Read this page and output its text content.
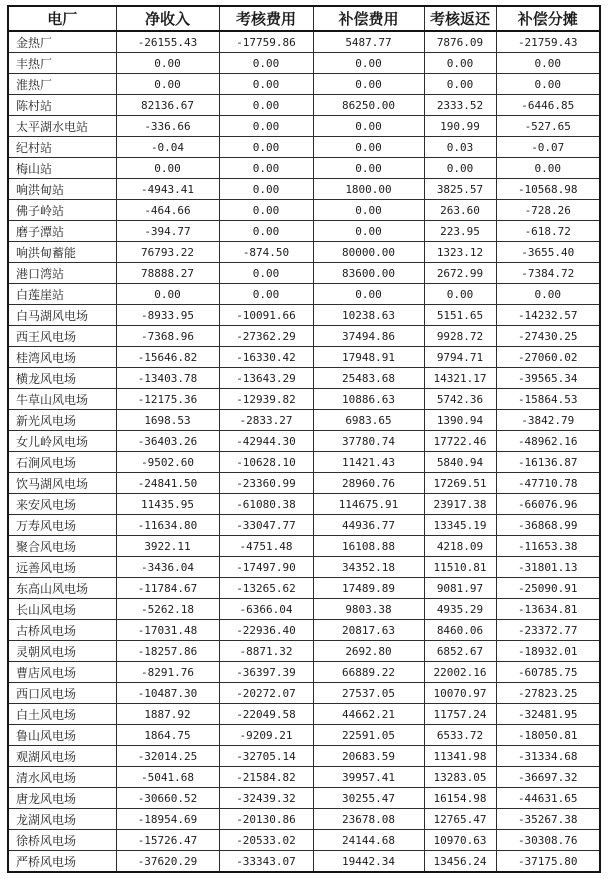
电厂	净收入	考核费用	补偿费用	考核返还	补偿分摊
金热厂	-26155.43	-17759.86	5487.77	7876.09	-21759.43
丰热厂	0.00	0.00	0.00	0.00	0.00
淮热厂	0.00	0.00	0.00	0.00	0.00
陈村站	82136.67	0.00	86250.00	2333.52	-6446.85
太平湖水电站	-336.66	0.00	0.00	190.99	-527.65
纪村站	-0.04	0.00	0.00	0.03	-0.07
梅山站	0.00	0.00	0.00	0.00	0.00
响洪甸站	-4943.41	0.00	1800.00	3825.57	-10568.98
佛子岭站	-464.66	0.00	0.00	263.60	-728.26
磨子潭站	-394.77	0.00	0.00	223.95	-618.72
响洪甸蓄能	76793.22	-874.50	80000.00	1323.12	-3655.40
港口湾站	78888.27	0.00	83600.00	2672.99	-7384.72
白莲崖站	0.00	0.00	0.00	0.00	0.00
白马湖风电场	-8933.95	-10091.66	10238.63	5151.65	-14232.57
西王风电场	-7368.96	-27362.29	37494.86	9928.72	-27430.25
桂湾风电场	-15646.82	-16330.42	17948.91	9794.71	-27060.02
横龙风电场	-13403.78	-13643.29	25483.68	14321.17	-39565.34
牛草山风电场	-12175.36	-12939.82	10886.63	5742.36	-15864.53
新光风电场	1698.53	-2833.27	6983.65	1390.94	-3842.79
女儿岭风电场	-36403.26	-42944.30	37780.74	17722.46	-48962.16
石涧风电场	-9502.60	-10628.10	11421.43	5840.94	-16136.87
饮马湖风电场	-24841.50	-23360.99	28960.76	17269.51	-47710.78
来安风电场	11435.95	-61080.38	114675.91	23917.38	-66076.96
万寿风电场	-11634.80	-33047.77	44936.77	13345.19	-36868.99
聚合风电场	3922.11	-4751.48	16108.88	4218.09	-11653.38
远善风电场	-3436.04	-17497.90	34352.18	11510.81	-31801.13
东高山风电场	-11784.67	-13265.62	17489.89	9081.97	-25090.91
长山风电场	-5262.18	-6366.04	9803.38	4935.29	-13634.81
古桥风电场	-17031.48	-22936.40	20817.63	8460.06	-23372.77
灵朝风电场	-18257.86	-8871.32	2692.80	6852.67	-18932.01
曹店风电场	-8291.76	-36397.39	66889.22	22002.16	-60785.75
西口风电场	-10487.30	-20272.07	27537.05	10070.97	-27823.25
白土风电场	1887.92	-22049.58	44662.21	11757.24	-32481.95
鲁山风电场	1864.75	-9209.21	22591.05	6533.72	-18050.81
观湖风电场	-32014.25	-32705.14	20683.59	11341.98	-31334.68
清水风电场	-5041.68	-21584.82	39957.41	13283.05	-36697.32
唐龙风电场	-30660.52	-32439.32	30255.47	16154.98	-44631.65
龙湖风电场	-18954.69	-20130.86	23678.08	12765.47	-35267.38
徐桥风电场	-15726.47	-20533.02	24144.68	10970.63	-30308.76
严桥风电场	-37620.29	-33343.07	19442.34	13456.24	-37175.80
